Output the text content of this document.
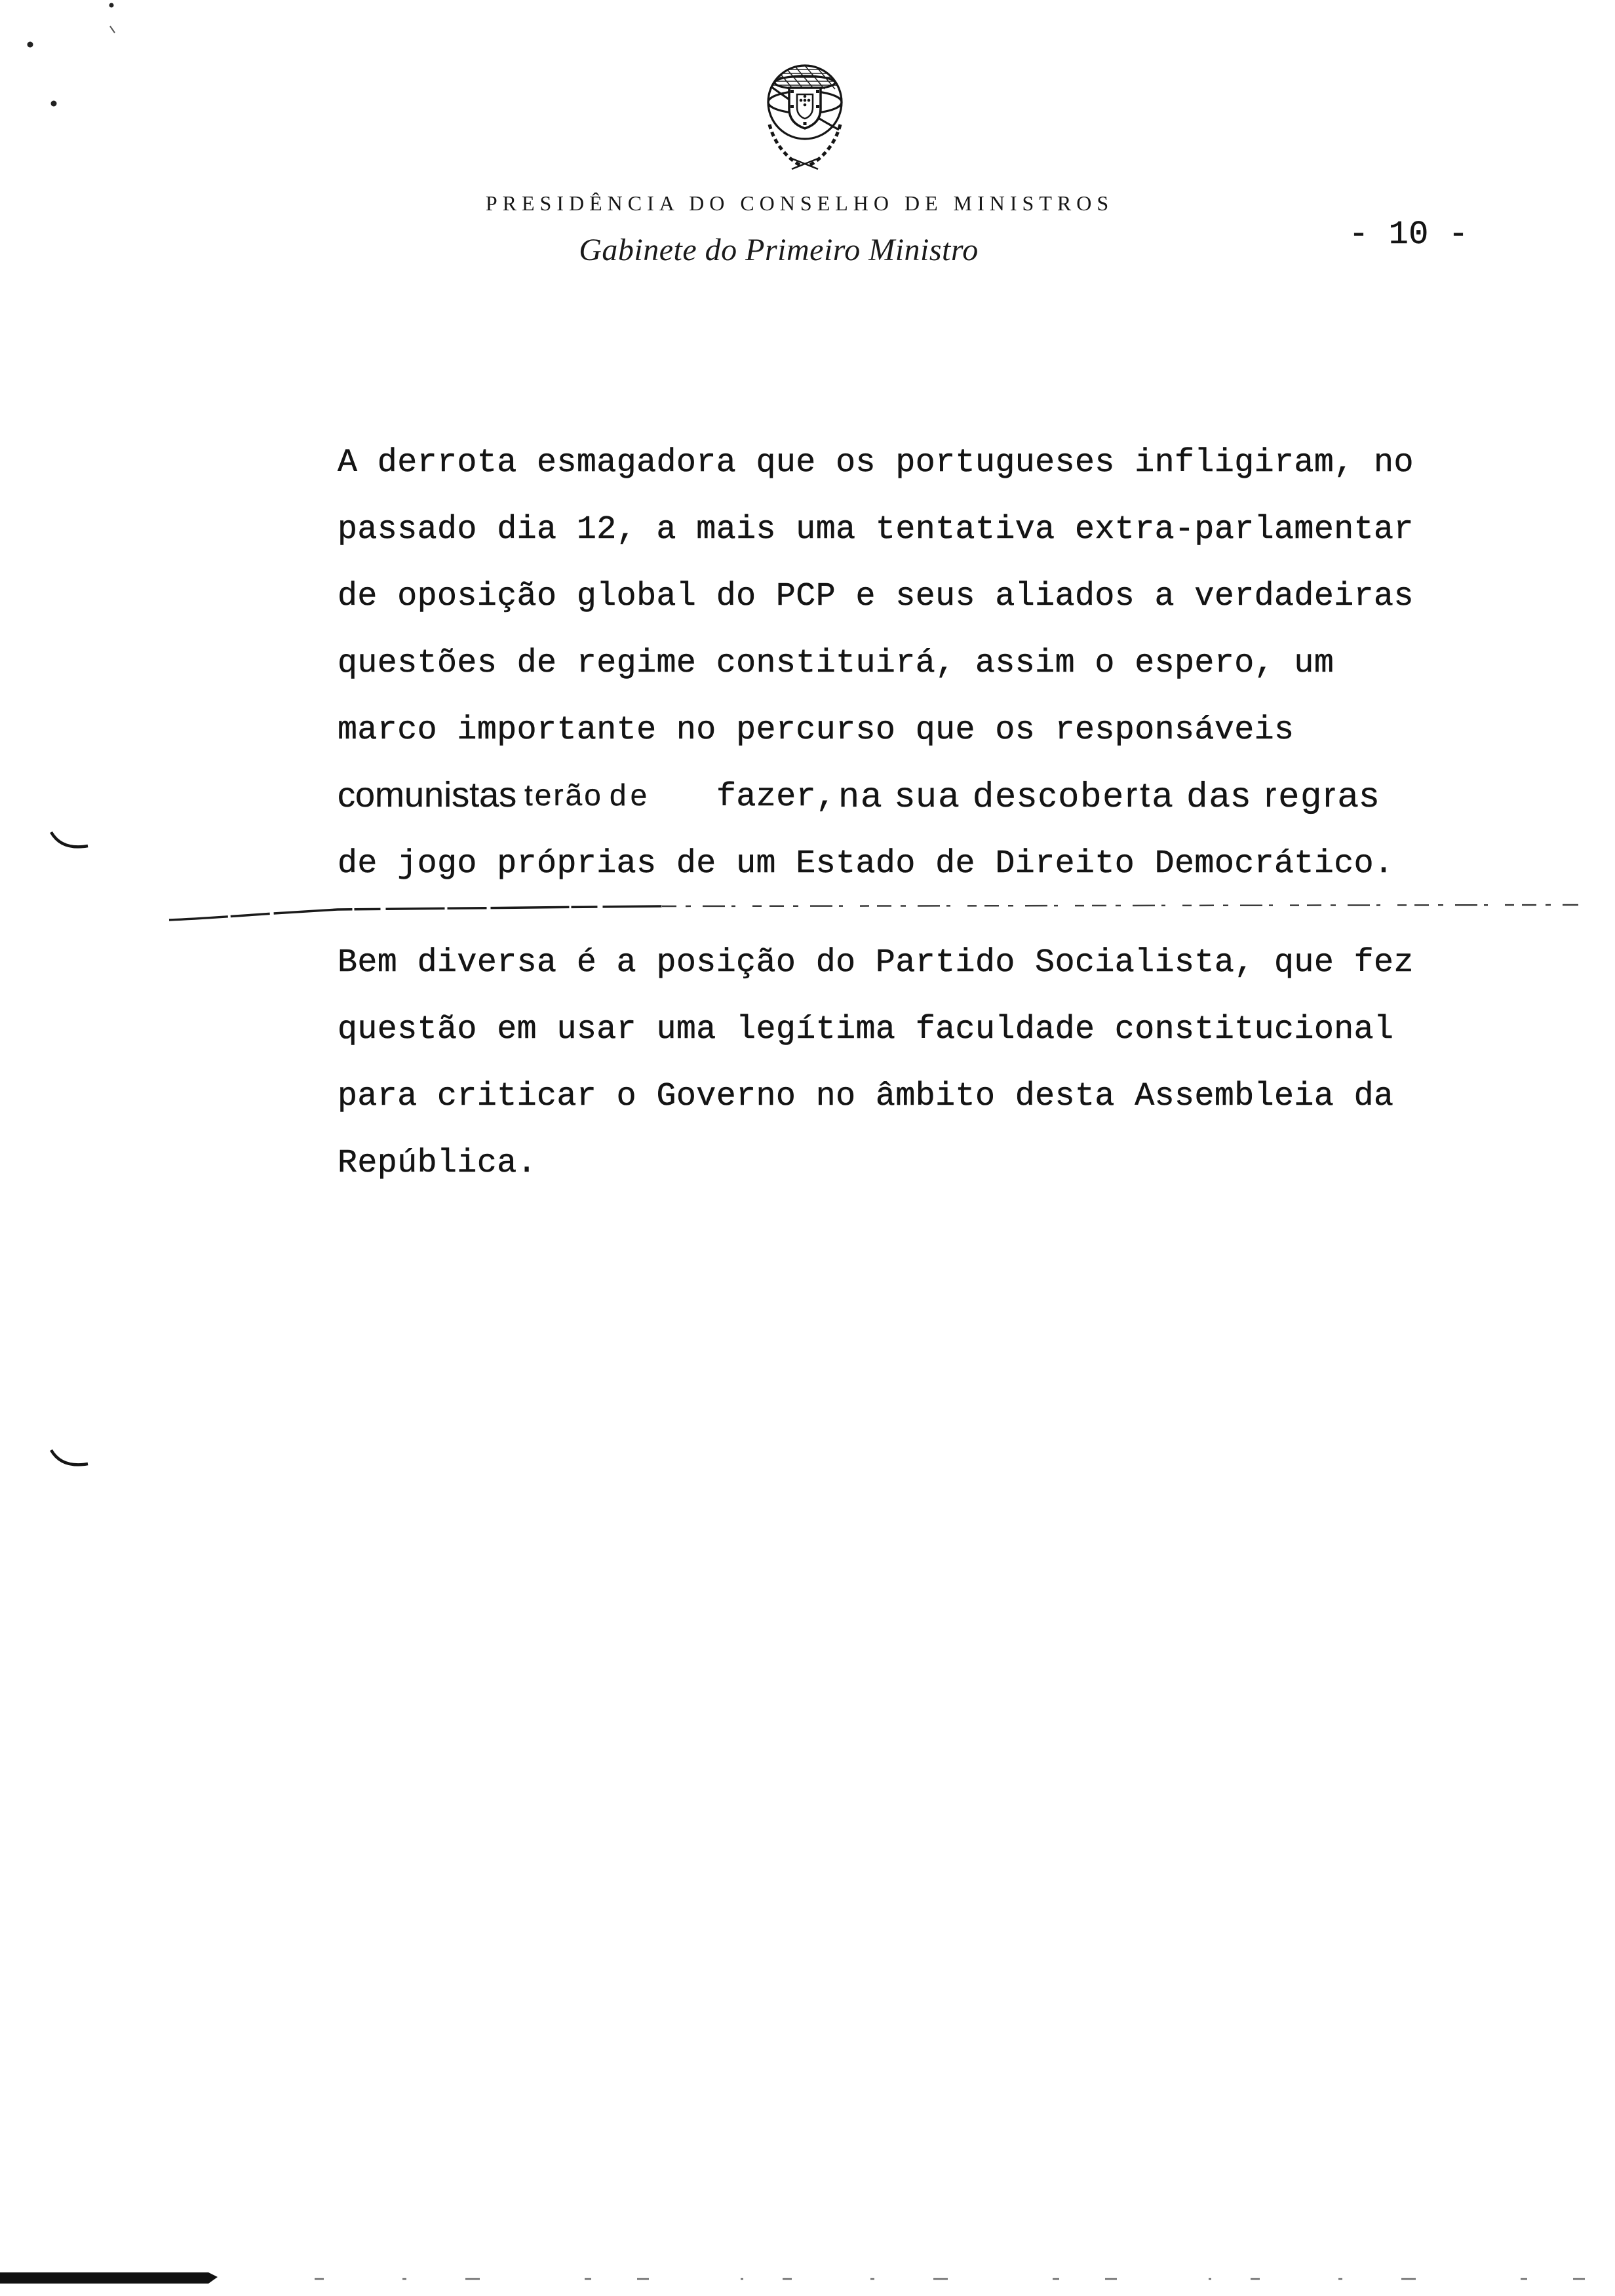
PRESIDÊNCIA DO CONSELHO DE MINISTROS
Gabinete do Primeiro Ministro	- 10 -
A derrota esmagadora que os portugueses infligiram, no
passado dia 12, a mais uma tentativa extra-parlamentar
de oposição global do PCP e seus aliados a verdadeiras
questões de regime constituirá, assim o espero, um
marco importante no percurso que os responsáveis

comunistas

terão

de

fazer,

na sua descoberta das regras

de jogo próprias de um Estado de Direito Democrático.
Bem diversa é a posição do Partido Socialista, que fez
questão em usar uma legítima faculdade constitucional
para criticar o Governo no âmbito desta Assembleia da
República.
